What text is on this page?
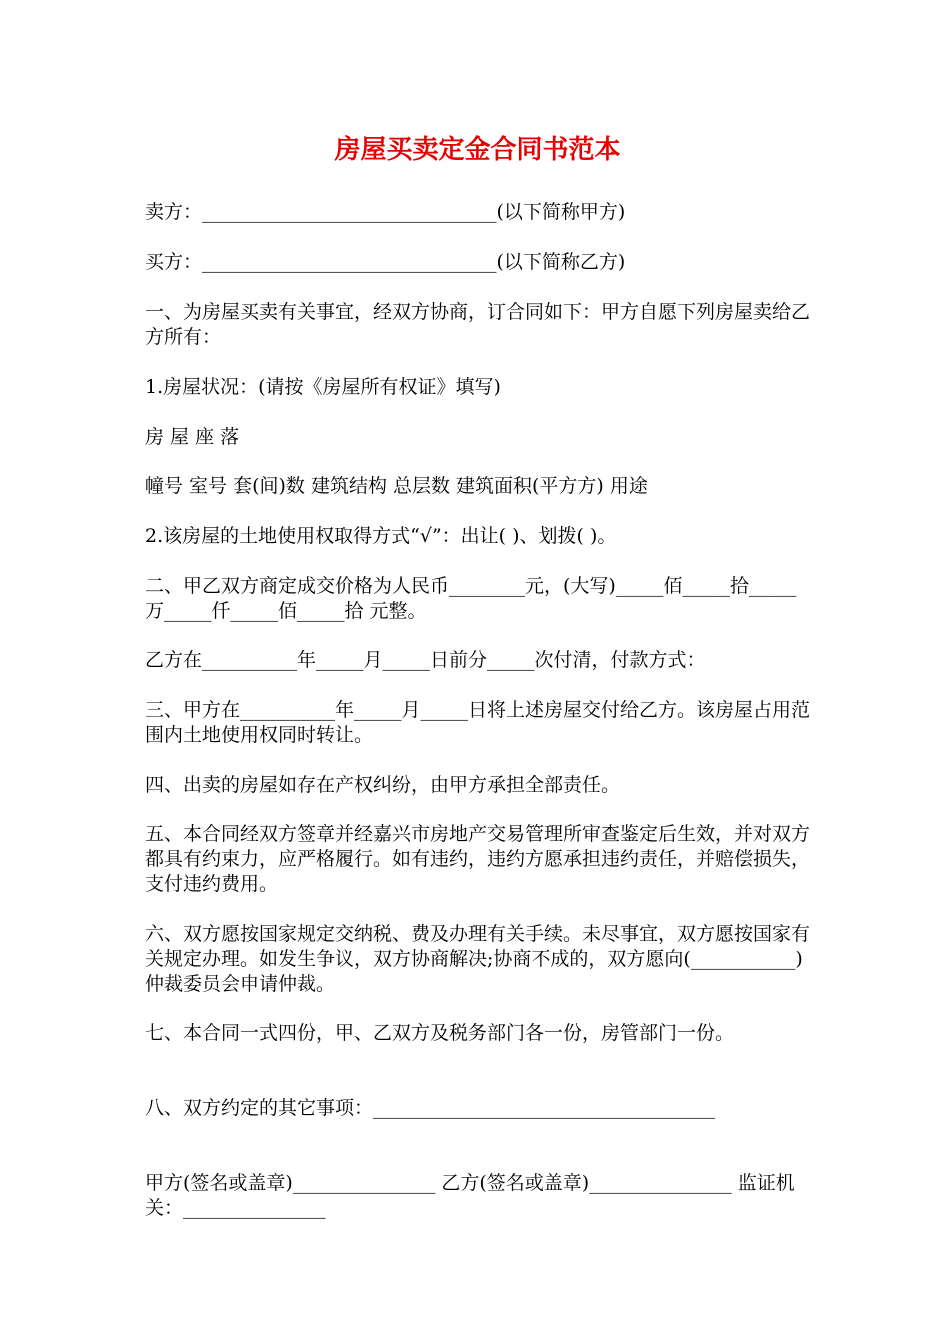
房屋买卖定金合同书范本

卖方：_______________________________(以下简称甲方)

买方：_______________________________(以下简称乙方)

一、为房屋买卖有关事宜，经双方协商，订合同如下：甲方自愿下列房屋卖给乙方所有：

1.房屋状况：(请按《房屋所有权证》填写)

房 屋 座 落

幢号 室号 套(间)数 建筑结构 总层数 建筑面积(平方方) 用途

2.该房屋的土地使用权取得方式“√”：出让( )、划拨( )。

二、甲乙双方商定成交价格为人民币________元，(大写)_____佰_____拾_____万_____仟_____佰_____拾 元整。

乙方在__________年_____月_____日前分_____次付清，付款方式：

三、甲方在__________年_____月_____日将上述房屋交付给乙方。该房屋占用范围内土地使用权同时转让。

四、出卖的房屋如存在产权纠纷，由甲方承担全部责任。

五、本合同经双方签章并经嘉兴市房地产交易管理所审查鉴定后生效，并对双方都具有约束力，应严格履行。如有违约，违约方愿承担违约责任，并赔偿损失，支付违约费用。

六、双方愿按国家规定交纳税、费及办理有关手续。未尽事宜，双方愿按国家有关规定办理。如发生争议，双方协商解决;协商不成的，双方愿向(___________)仲裁委员会申请仲裁。

七、本合同一式四份，甲、乙双方及税务部门各一份，房管部门一份。

八、双方约定的其它事项：____________________________________

甲方(签名或盖章)_______________ 乙方(签名或盖章)_______________ 监证机关：_______________
